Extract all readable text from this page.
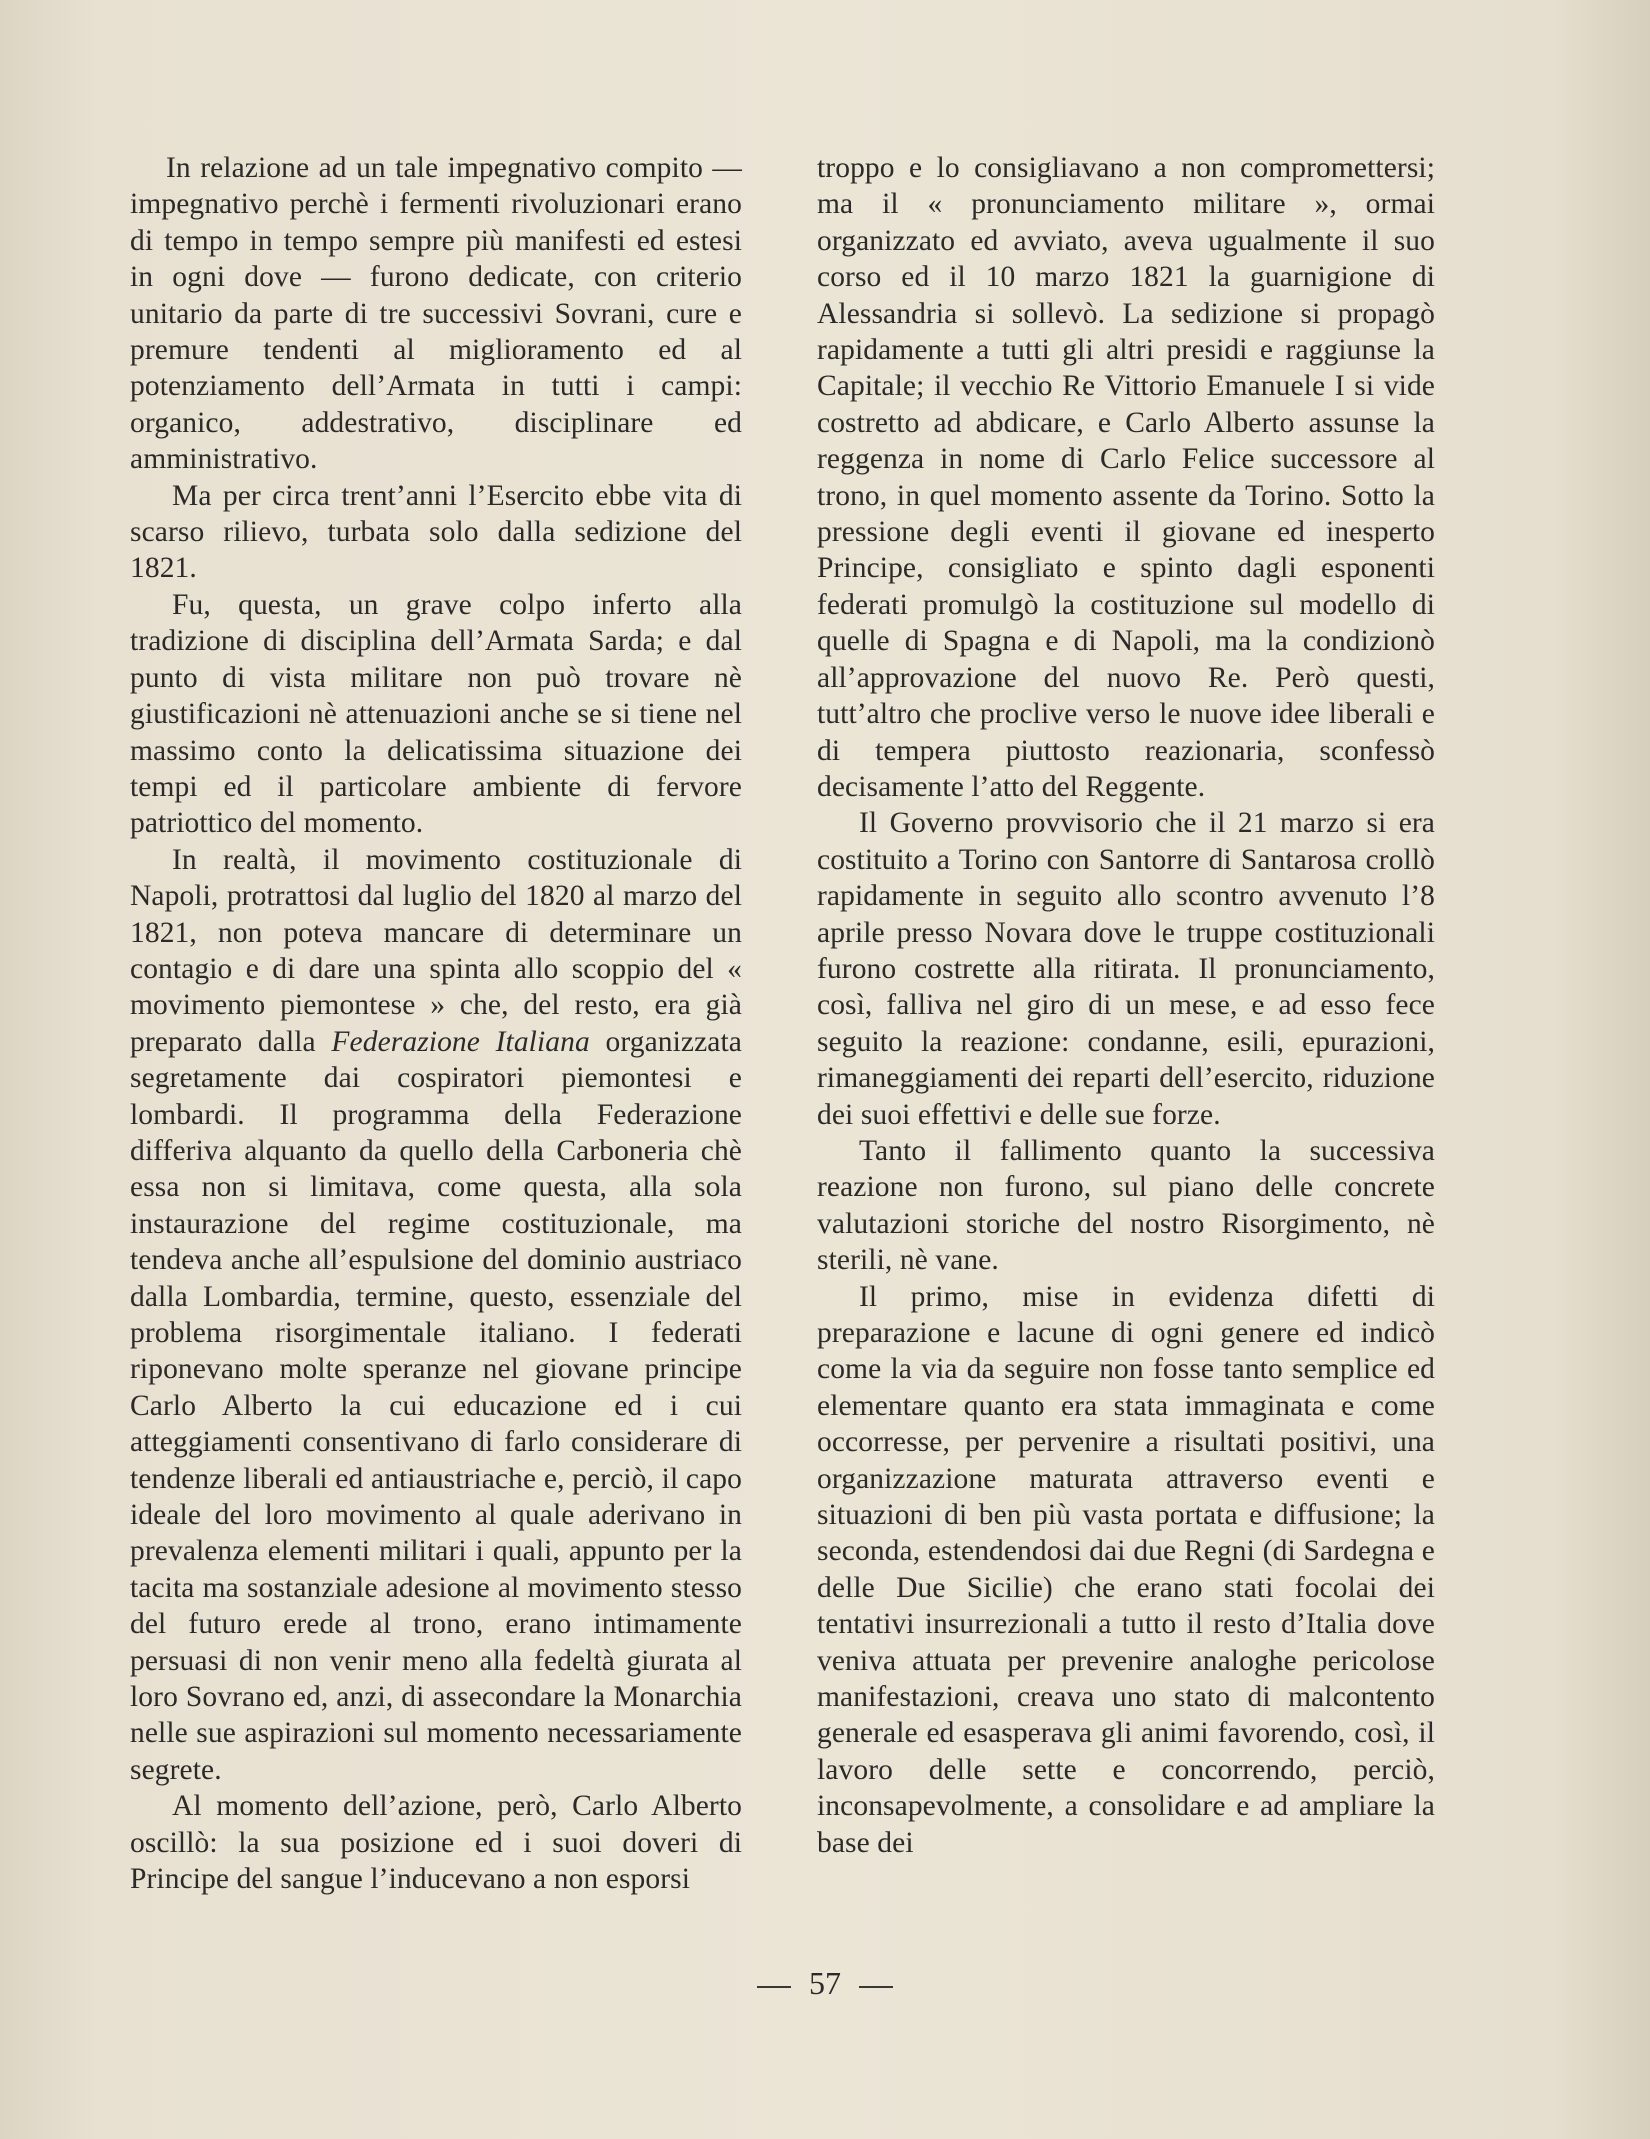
In relazione ad un tale impegnativo compito — impegnativo perchè i fermenti rivoluzionari erano di tempo in tempo sempre più manifesti ed estesi in ogni dove — furono dedicate, con criterio unitario da parte di tre successivi Sovrani, cure e premure tendenti al miglioramento ed al potenziamento dell’Armata in tutti i campi: organico, addestrativo, disciplinare ed amministrativo.

Ma per circa trent’anni l’Esercito ebbe vita di scarso rilievo, turbata solo dalla sedizione del 1821.

Fu, questa, un grave colpo inferto alla tradizione di disciplina dell’Armata Sarda; e dal punto di vista militare non può trovare nè giustificazioni nè attenuazioni anche se si tiene nel massimo conto la delicatissima situazione dei tempi ed il particolare ambiente di fervore patriottico del momento.

In realtà, il movimento costituzionale di Napoli, protrattosi dal luglio del 1820 al marzo del 1821, non poteva mancare di determinare un contagio e di dare una spinta allo scoppio del « movimento piemontese » che, del resto, era già preparato dalla Federazione Italiana organizzata segretamente dai cospiratori piemontesi e lombardi. Il programma della Federazione differiva alquanto da quello della Carboneria chè essa non si limitava, come questa, alla sola instaurazione del regime costituzionale, ma tendeva anche all’espulsione del dominio austriaco dalla Lombardia, termine, questo, essenziale del problema risorgimentale italiano. I federati riponevano molte speranze nel giovane principe Carlo Alberto la cui educazione ed i cui atteggiamenti consentivano di farlo considerare di tendenze liberali ed antiaustriache e, perciò, il capo ideale del loro movimento al quale aderivano in prevalenza elementi militari i quali, appunto per la tacita ma sostanziale adesione al movimento stesso del futuro erede al trono, erano intimamente persuasi di non venir meno alla fedeltà giurata al loro Sovrano ed, anzi, di assecondare la Monarchia nelle sue aspirazioni sul momento necessariamente segrete.

Al momento dell’azione, però, Carlo Alberto oscillò: la sua posizione ed i suoi doveri di Principe del sangue l’inducevano a non esporsi

troppo e lo consigliavano a non compromettersi; ma il « pronunciamento militare », ormai organizzato ed avviato, aveva ugualmente il suo corso ed il 10 marzo 1821 la guarnigione di Alessandria si sollevò. La sedizione si propagò rapidamente a tutti gli altri presidi e raggiunse la Capitale; il vecchio Re Vittorio Emanuele I si vide costretto ad abdicare, e Carlo Alberto assunse la reggenza in nome di Carlo Felice successore al trono, in quel momento assente da Torino. Sotto la pressione degli eventi il giovane ed inesperto Principe, consigliato e spinto dagli esponenti federati promulgò la costituzione sul modello di quelle di Spagna e di Napoli, ma la condizionò all’approvazione del nuovo Re. Però questi, tutt’altro che proclive verso le nuove idee liberali e di tempera piuttosto reazionaria, sconfessò decisamente l’atto del Reggente.

Il Governo provvisorio che il 21 marzo si era costituito a Torino con Santorre di Santarosa crollò rapidamente in seguito allo scontro avvenuto l’8 aprile presso Novara dove le truppe costituzionali furono costrette alla ritirata. Il pronunciamento, così, falliva nel giro di un mese, e ad esso fece seguito la reazione: condanne, esili, epurazioni, rimaneggiamenti dei reparti dell’esercito, riduzione dei suoi effettivi e delle sue forze.

Tanto il fallimento quanto la successiva reazione non furono, sul piano delle concrete valutazioni storiche del nostro Risorgimento, nè sterili, nè vane.

Il primo, mise in evidenza difetti di preparazione e lacune di ogni genere ed indicò come la via da seguire non fosse tanto semplice ed elementare quanto era stata immaginata e come occorresse, per pervenire a risultati positivi, una organizzazione maturata attraverso eventi e situazioni di ben più vasta portata e diffusione; la seconda, estendendosi dai due Regni (di Sardegna e delle Due Sicilie) che erano stati focolai dei tentativi insurrezionali a tutto il resto d’Italia dove veniva attuata per prevenire analoghe pericolose manifestazioni, creava uno stato di malcontento generale ed esasperava gli animi favorendo, così, il lavoro delle sette e concorrendo, perciò, inconsapevolmente, a consolidare e ad ampliare la base dei

57
